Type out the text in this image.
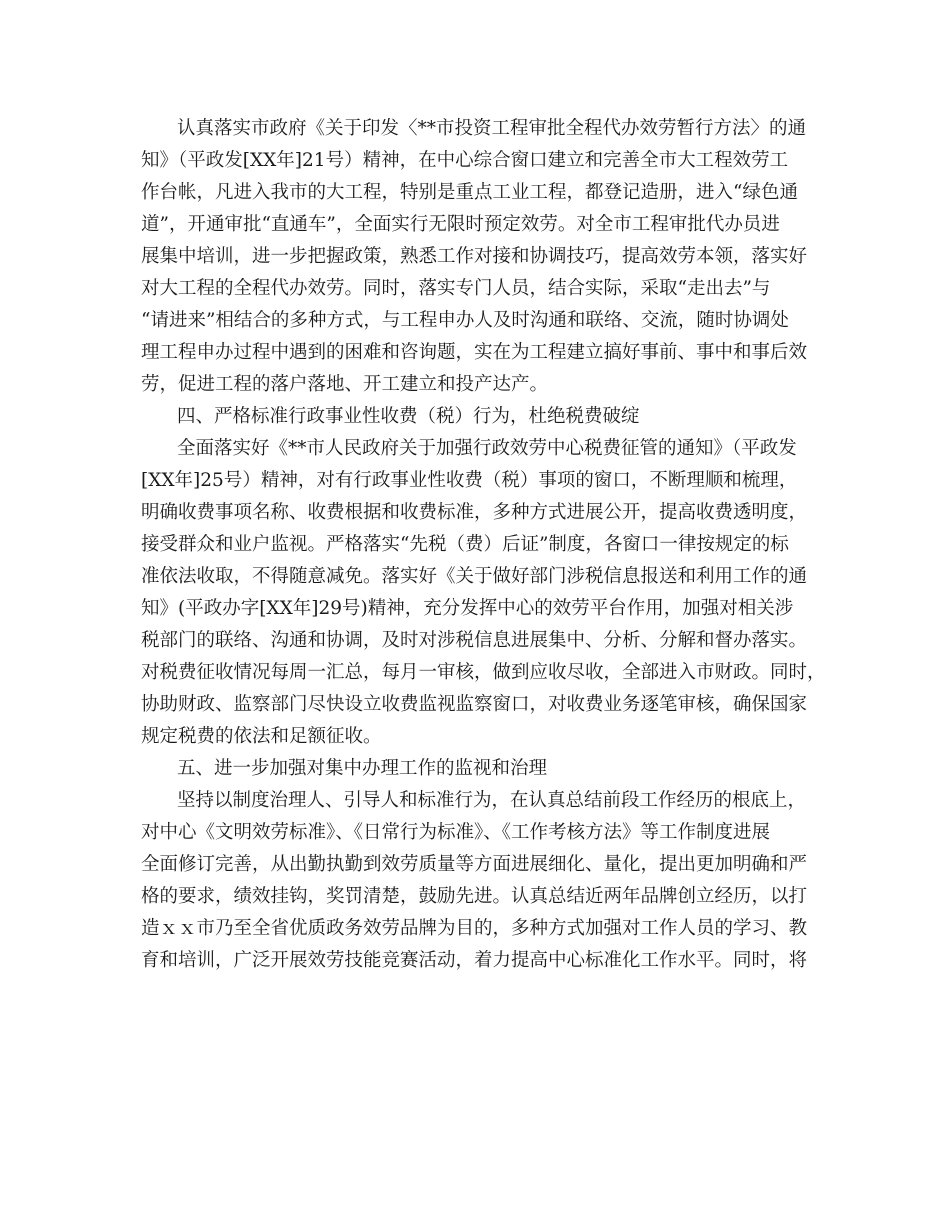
认真落实市政府《关于印发〈**市投资工程审批全程代办效劳暂行方法〉的通
知》（平政发[XX年]21号）精神，在中心综合窗口建立和完善全市大工程效劳工
作台帐，凡进入我市的大工程，特别是重点工业工程，都登记造册，进入“绿色通
道”，开通审批“直通车”，全面实行无限时预定效劳。对全市工程审批代办员进
展集中培训，进一步把握政策，熟悉工作对接和协调技巧，提高效劳本领，落实好
对大工程的全程代办效劳。同时，落实专门人员，结合实际，采取“走出去”与
“请进来”相结合的多种方式，与工程申办人及时沟通和联络、交流，随时协调处
理工程申办过程中遇到的困难和咨询题，实在为工程建立搞好事前、事中和事后效
劳，促进工程的落户落地、开工建立和投产达产。
四、严格标准行政事业性收费（税）行为，杜绝税费破绽
全面落实好《**市人民政府关于加强行政效劳中心税费征管的通知》（平政发
[XX年]25号）精神，对有行政事业性收费（税）事项的窗口，不断理顺和梳理，
明确收费事项名称、收费根据和收费标准，多种方式进展公开，提高收费透明度，
接受群众和业户监视。严格落实“先税（费）后证”制度，各窗口一律按规定的标
准依法收取，不得随意减免。落实好《关于做好部门涉税信息报送和利用工作的通
知》(平政办字[XX年]29号)精神，充分发挥中心的效劳平台作用，加强对相关涉
税部门的联络、沟通和协调，及时对涉税信息进展集中、分析、分解和督办落实。
对税费征收情况每周一汇总，每月一审核，做到应收尽收，全部进入市财政。同时，
协助财政、监察部门尽快设立收费监视监察窗口，对收费业务逐笔审核，确保国家
规定税费的依法和足额征收。
五、进一步加强对集中办理工作的监视和治理
坚持以制度治理人、引导人和标准行为，在认真总结前段工作经历的根底上，
对中心《文明效劳标准》、《日常行为标准》、《工作考核方法》等工作制度进展
全面修订完善，从出勤执勤到效劳质量等方面进展细化、量化，提出更加明确和严
格的要求，绩效挂钩，奖罚清楚，鼓励先进。认真总结近两年品牌创立经历，以打
造ｘｘ市乃至全省优质政务效劳品牌为目的，多种方式加强对工作人员的学习、教
育和培训，广泛开展效劳技能竞赛活动，着力提高中心标准化工作水平。同时，将
